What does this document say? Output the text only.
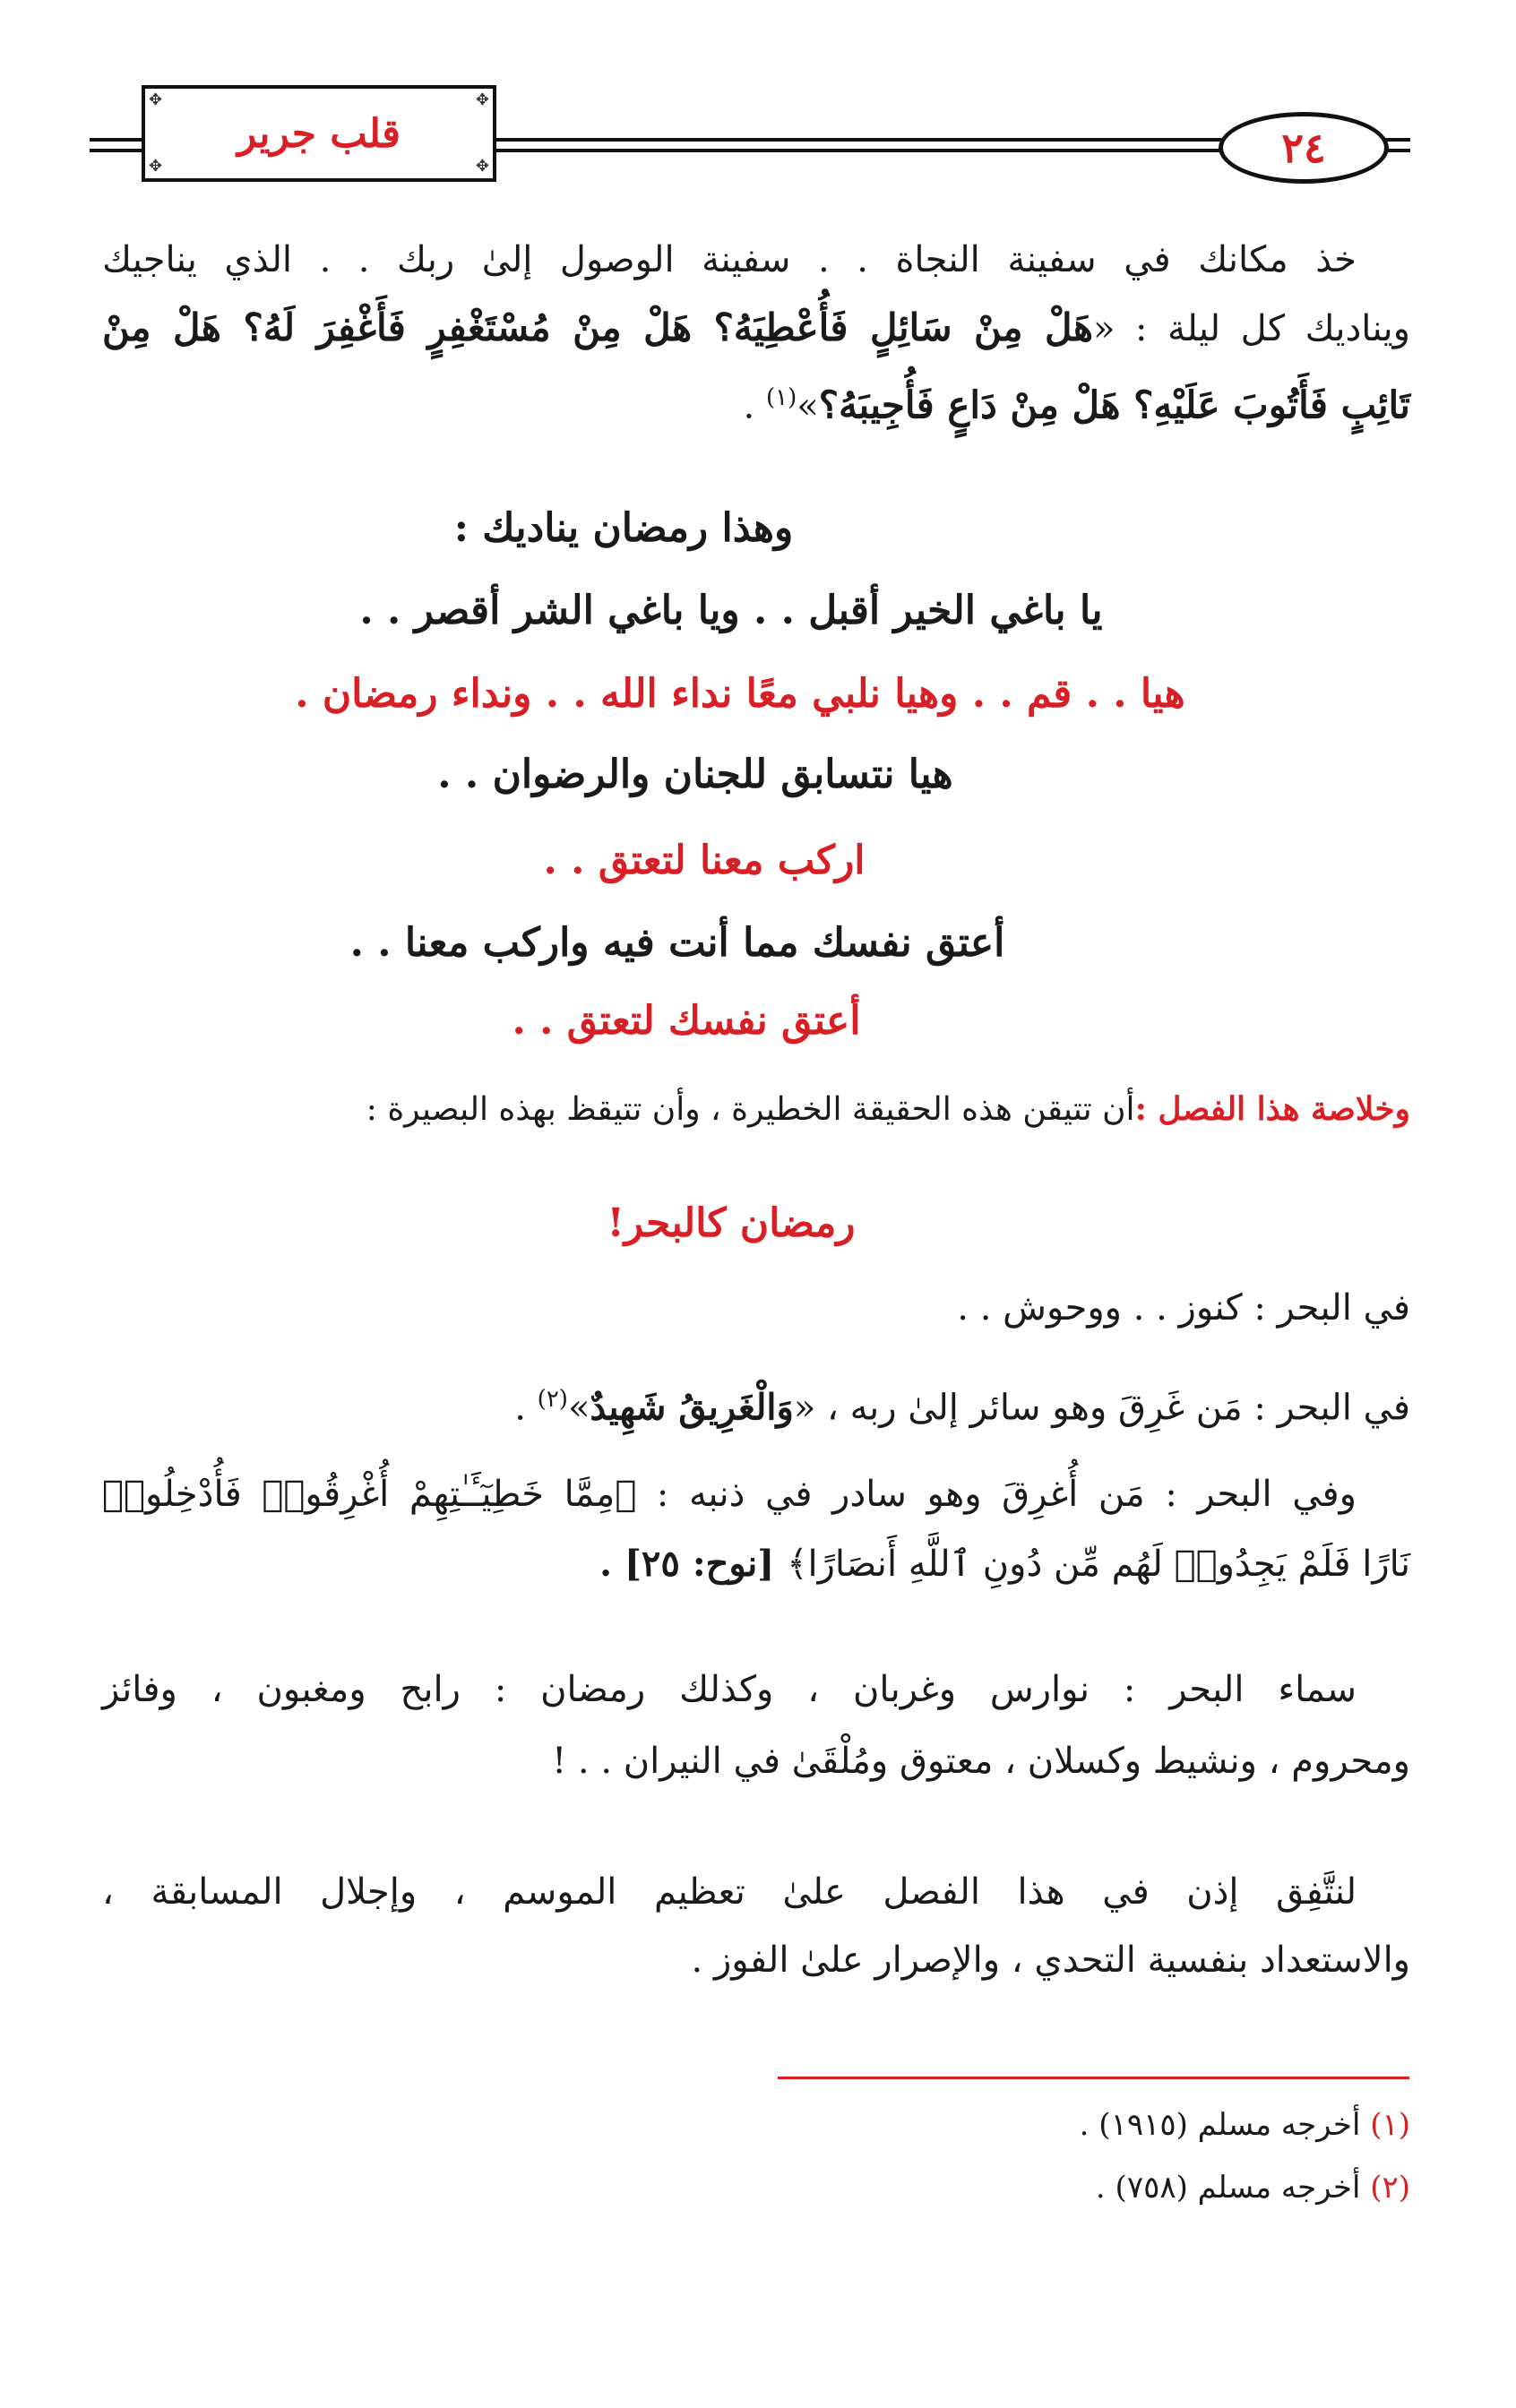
✥	✥
✥	✥
قلب جرير	٢٤
خذ مكانك في سفينة النجاة . . سفينة الوصول إلىٰ ربك . . الذي يناجيك
ويناديك كل ليلة : «هَلْ مِنْ سَائِلٍ فَأُعْطِيَهُ؟ هَلْ مِنْ مُسْتَغْفِرٍ فَأَغْفِرَ لَهُ؟ هَلْ مِنْ
تَائِبٍ فَأَتُوبَ عَلَيْهِ؟ هَلْ مِنْ دَاعٍ فَأُجِيبَهُ؟»$^{(١)}$ .
وهذا رمضان يناديك :
يا باغي الخير أقبل . . ويا باغي الشر أقصر . .
هيا . . قم . . وهيا نلبي معًا نداء الله . . ونداء رمضان .
هيا نتسابق للجنان والرضوان . .
اركب معنا لتعتق . .
أعتق نفسك مما أنت فيه واركب معنا . .
أعتق نفسك لتعتق . .
وخلاصة هذا الفصل :أن تتيقن هذه الحقيقة الخطيرة ، وأن تتيقظ بهذه البصيرة :
رمضان كالبحر!
في البحر : كنوز . . ووحوش . .
في البحر : مَن غَرِقَ وهو سائر إلىٰ ربه ، «وَالْغَرِيقُ شَهِيدٌ»$^{(٢)}$ .
وفي البحر : مَن أُغرِقَ وهو سادر في ذنبه : ﴿مِمَّا خَطِيٓـَٔـٰتِهِمْ أُغْرِقُوا۟ فَأُدْخِلُوا۟
نَارًا فَلَمْ يَجِدُوا۟ لَهُم مِّن دُونِ ٱللَّهِ أَنصَارًا﴾ [نوح: ٢٥] .
سماء البحر : نوارس وغربان ، وكذلك رمضان : رابح ومغبون ، وفائز
ومحروم ، ونشيط وكسلان ، معتوق ومُلْقَىٰ في النيران . . !
لنتَّفِق إذن في هذا الفصل علىٰ تعظيم الموسم ، وإجلال المسابقة ،
والاستعداد بنفسية التحدي ، والإصرار علىٰ الفوز .
(١) أخرجه مسلم (١٩١٥) .
(٢) أخرجه مسلم (٧٥٨) .
